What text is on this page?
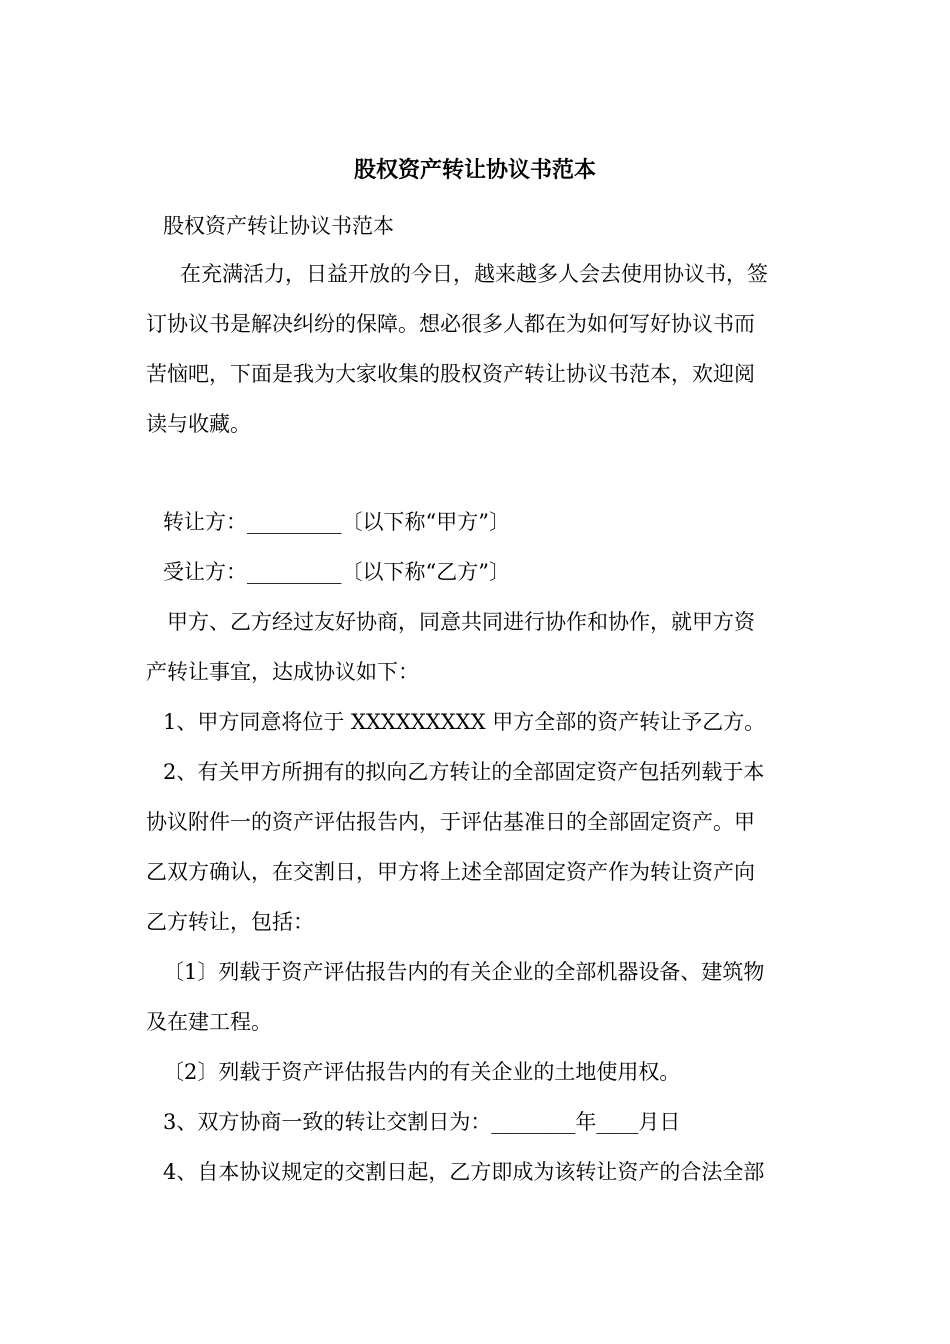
股权资产转让协议书范本
股权资产转让协议书范本
在充满活力，日益开放的今日，越来越多人会去使用协议书，签
订协议书是解决纠纷的保障。想必很多人都在为如何写好协议书而
苦恼吧，下面是我为大家收集的股权资产转让协议书范本，欢迎阅
读与收藏。
转让方：_________〔以下称“甲方”〕
受让方：_________〔以下称“乙方”〕
甲方、乙方经过友好协商，同意共同进行协作和协作，就甲方资
产转让事宜，达成协议如下：
1、甲方同意将位于 XXXXXXXXX 甲方全部的资产转让予乙方。
2、有关甲方所拥有的拟向乙方转让的全部固定资产包括列载于本
协议附件一的资产评估报告内，于评估基准日的全部固定资产。甲
乙双方确认，在交割日，甲方将上述全部固定资产作为转让资产向
乙方转让，包括：
〔1〕列载于资产评估报告内的有关企业的全部机器设备、建筑物
及在建工程。
〔2〕列载于资产评估报告内的有关企业的土地使用权。
3、双方协商一致的转让交割日为：________年____月日
4、自本协议规定的交割日起，乙方即成为该转让资产的合法全部
